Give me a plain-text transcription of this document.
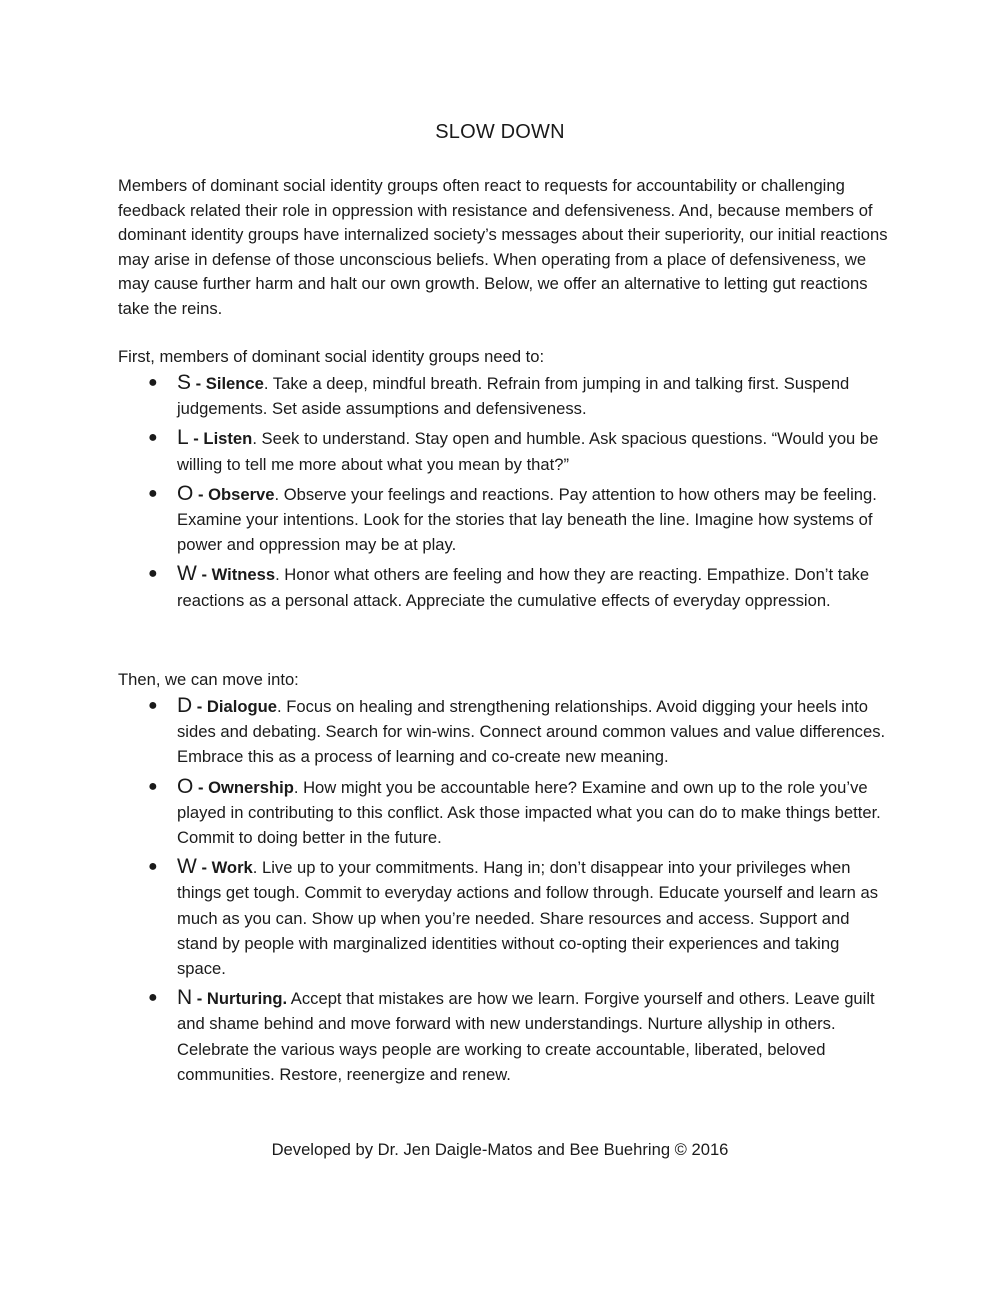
SLOW DOWN

Members of dominant social identity groups often react to requests for accountability or challenging feedback related their role in oppression with resistance and defensiveness. And, because members of dominant identity groups have internalized society’s messages about their superiority, our initial reactions may arise in defense of those unconscious beliefs. When operating from a place of defensiveness, we may cause further harm and halt our own growth. Below, we offer an alternative to letting gut reactions take the reins.

First, members of dominant social identity groups need to:

● S - Silence. Take a deep, mindful breath. Refrain from jumping in and talking first. Suspend judgements. Set aside assumptions and defensiveness.
● L - Listen. Seek to understand. Stay open and humble. Ask spacious questions. “Would you be willing to tell me more about what you mean by that?”
● O - Observe. Observe your feelings and reactions. Pay attention to how others may be feeling. Examine your intentions. Look for the stories that lay beneath the line. Imagine how systems of power and oppression may be at play.
● W - Witness. Honor what others are feeling and how they are reacting. Empathize. Don’t take reactions as a personal attack. Appreciate the cumulative effects of everyday oppression.

Then, we can move into:

● D - Dialogue. Focus on healing and strengthening relationships. Avoid digging your heels into sides and debating. Search for win-wins. Connect around common values and value differences. Embrace this as a process of learning and co-create new meaning.
● O - Ownership. How might you be accountable here? Examine and own up to the role you’ve played in contributing to this conflict. Ask those impacted what you can do to make things better. Commit to doing better in the future.
● W - Work. Live up to your commitments. Hang in; don’t disappear into your privileges when things get tough. Commit to everyday actions and follow through. Educate yourself and learn as much as you can. Show up when you’re needed. Share resources and access. Support and stand by people with marginalized identities without co-opting their experiences and taking space.
● N - Nurturing. Accept that mistakes are how we learn. Forgive yourself and others. Leave guilt and shame behind and move forward with new understandings. Nurture allyship in others. Celebrate the various ways people are working to create accountable, liberated, beloved communities. Restore, reenergize and renew.

Developed by Dr. Jen Daigle-Matos and Bee Buehring © 2016
